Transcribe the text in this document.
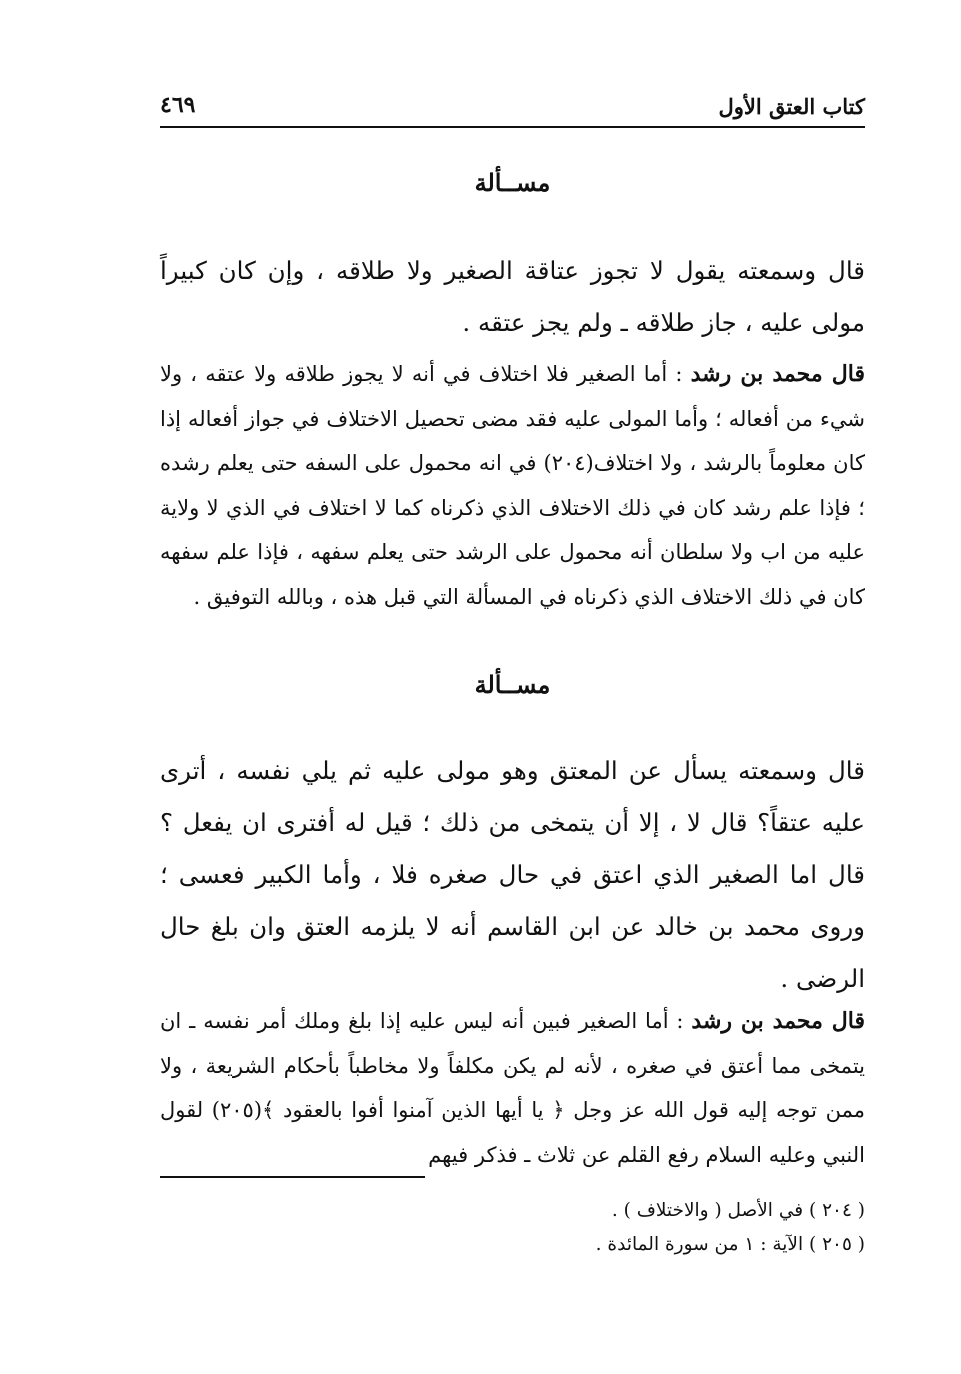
كتاب العتق الأول
٤٦٩
مســألة

قال وسمعته يقول لا تجوز عتاقة الصغير ولا طلاقه ، وإن كان كبيراً مولى عليه ، جاز طلاقه ـ ولم يجز عتقه .

قال محمد بن رشد : أما الصغير فلا اختلاف في أنه لا يجوز طلاقه ولا عتقه ، ولا شيء من أفعاله ؛ وأما المولى عليه فقد مضى تحصيل الاختلاف في جواز أفعاله إذا كان معلوماً بالرشد ، ولا اختلاف(٢٠٤) في انه محمول على السفه حتى يعلم رشده ؛ فإذا علم رشد كان في ذلك الاختلاف الذي ذكرناه كما لا اختلاف في الذي لا ولاية عليه من اب ولا سلطان أنه محمول على الرشد حتى يعلم سفهه ، فإذا علم سفهه كان في ذلك الاختلاف الذي ذكرناه في المسألة التي قبل هذه ، وبالله التوفيق .

مســألة

قال وسمعته يسأل عن المعتق وهو مولى عليه ثم يلي نفسه ، أترى عليه عتقاً؟ قال لا ، إلا أن يتمخى من ذلك ؛ قيل له أفترى ان يفعل ؟ قال اما الصغير الذي اعتق في حال صغره فلا ، وأما الكبير فعسى ؛ وروى محمد بن خالد عن ابن القاسم أنه لا يلزمه العتق وان بلغ حال الرضى .

قال محمد بن رشد : أما الصغير فبين أنه ليس عليه إذا بلغ وملك أمر نفسه ـ ان يتمخى مما أعتق في صغره ، لأنه لم يكن مكلفاً ولا مخاطباً بأحكام الشريعة ، ولا ممن توجه إليه قول الله عز وجل ﴿ يا أيها الذين آمنوا أفوا بالعقود ﴾(٢٠٥) لقول النبي وعليه السلام رفع القلم عن ثلاث ـ فذكر فيهم

( ٢٠٤ ) في الأصل ( والاختلاف ) .
( ٢٠٥ ) الآية : ١ من سورة المائدة .
